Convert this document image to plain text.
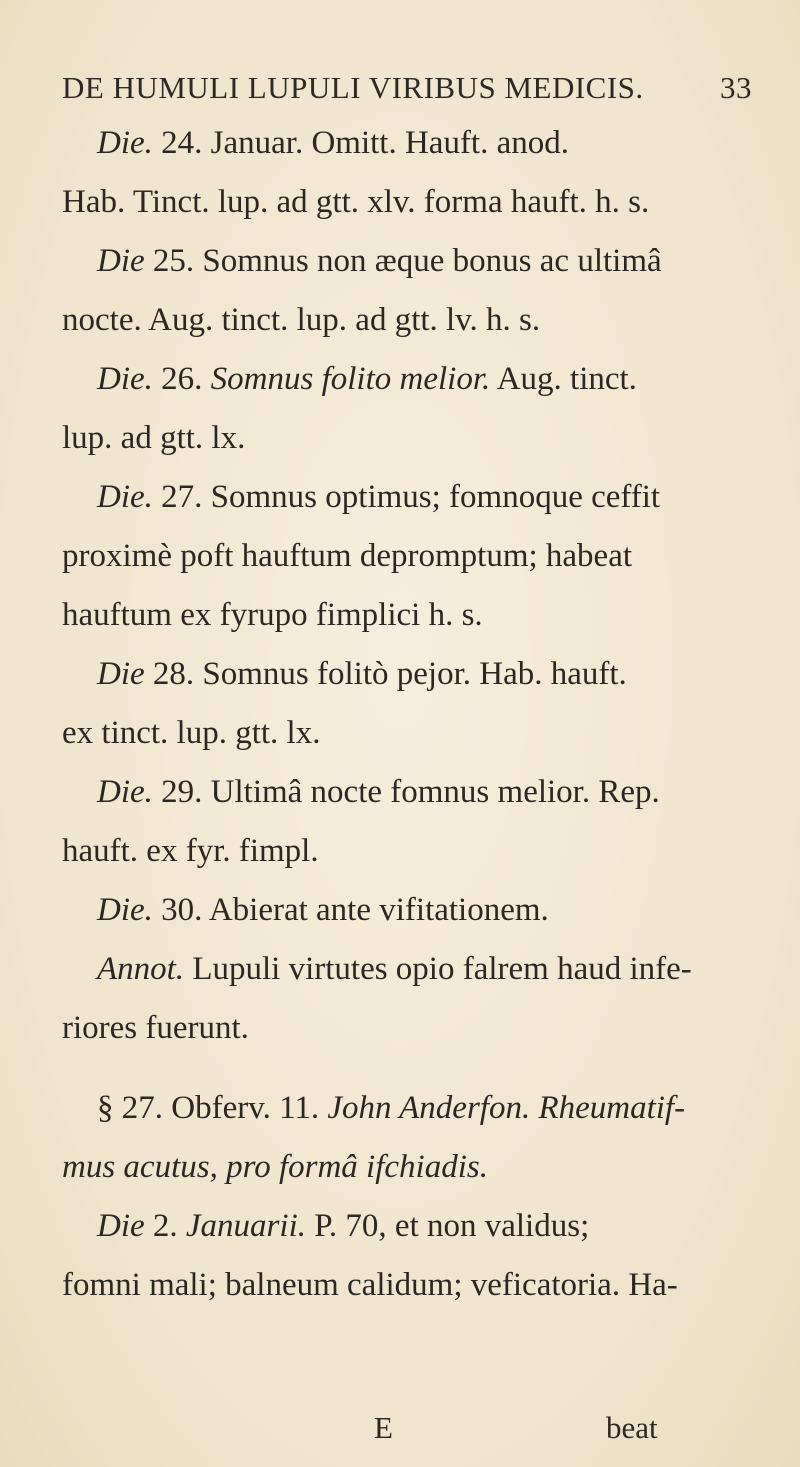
DE HUMULI LUPULI VIRIBUS MEDICIS. 33
Die. 24. Januar. Omitt. Hauft. anod.
Hab. Tinct. lup. ad gtt. xlv. forma hauft. h. s.
Die 25. Somnus non æque bonus ac ultimâ
nocte. Aug. tinct. lup. ad gtt. lv. h. s.
Die. 26. Somnus folito melior. Aug. tinct.
lup. ad gtt. lx.
Die. 27. Somnus optimus; fomnoque ceffit
proximè poft hauftum depromptum; habeat
hauftum ex fyrupo fimplici h. s.
Die 28. Somnus folitò pejor. Hab. hauft.
ex tinct. lup. gtt. lx.
Die. 29. Ultimâ nocte fomnus melior. Rep.
hauft. ex fyr. fimpl.
Die. 30. Abierat ante vifitationem.
Annot. Lupuli virtutes opio falrem haud infe-
riores fuerunt.
§ 27. Obferv. 11. John Anderfon. Rheumatif-
mus acutus, pro formâ ifchiadis.
Die 2. Januarii. P. 70, et non validus;
fomni mali; balneum calidum; veficatoria. Ha-
E	beat
